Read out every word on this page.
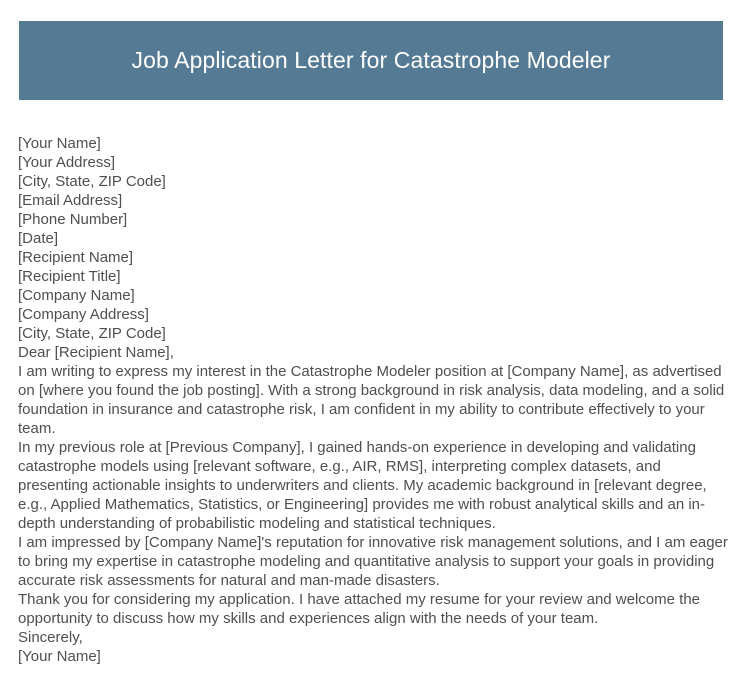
Job Application Letter for Catastrophe Modeler
[Your Name]
[Your Address]
[City, State, ZIP Code]
[Email Address]
[Phone Number]
[Date]
[Recipient Name]
[Recipient Title]
[Company Name]
[Company Address]
[City, State, ZIP Code]
Dear [Recipient Name],

I am writing to express my interest in the Catastrophe Modeler position at [Company Name], as advertised on [where you found the job posting]. With a strong background in risk analysis, data modeling, and a solid foundation in insurance and catastrophe risk, I am confident in my ability to contribute effectively to your team.

In my previous role at [Previous Company], I gained hands-on experience in developing and validating catastrophe models using [relevant software, e.g., AIR, RMS], interpreting complex datasets, and presenting actionable insights to underwriters and clients. My academic background in [relevant degree, e.g., Applied Mathematics, Statistics, or Engineering] provides me with robust analytical skills and an in-depth understanding of probabilistic modeling and statistical techniques.

I am impressed by [Company Name]'s reputation for innovative risk management solutions, and I am eager to bring my expertise in catastrophe modeling and quantitative analysis to support your goals in providing accurate risk assessments for natural and man-made disasters.

Thank you for considering my application. I have attached my resume for your review and welcome the opportunity to discuss how my skills and experiences align with the needs of your team.

Sincerely,
[Your Name]
